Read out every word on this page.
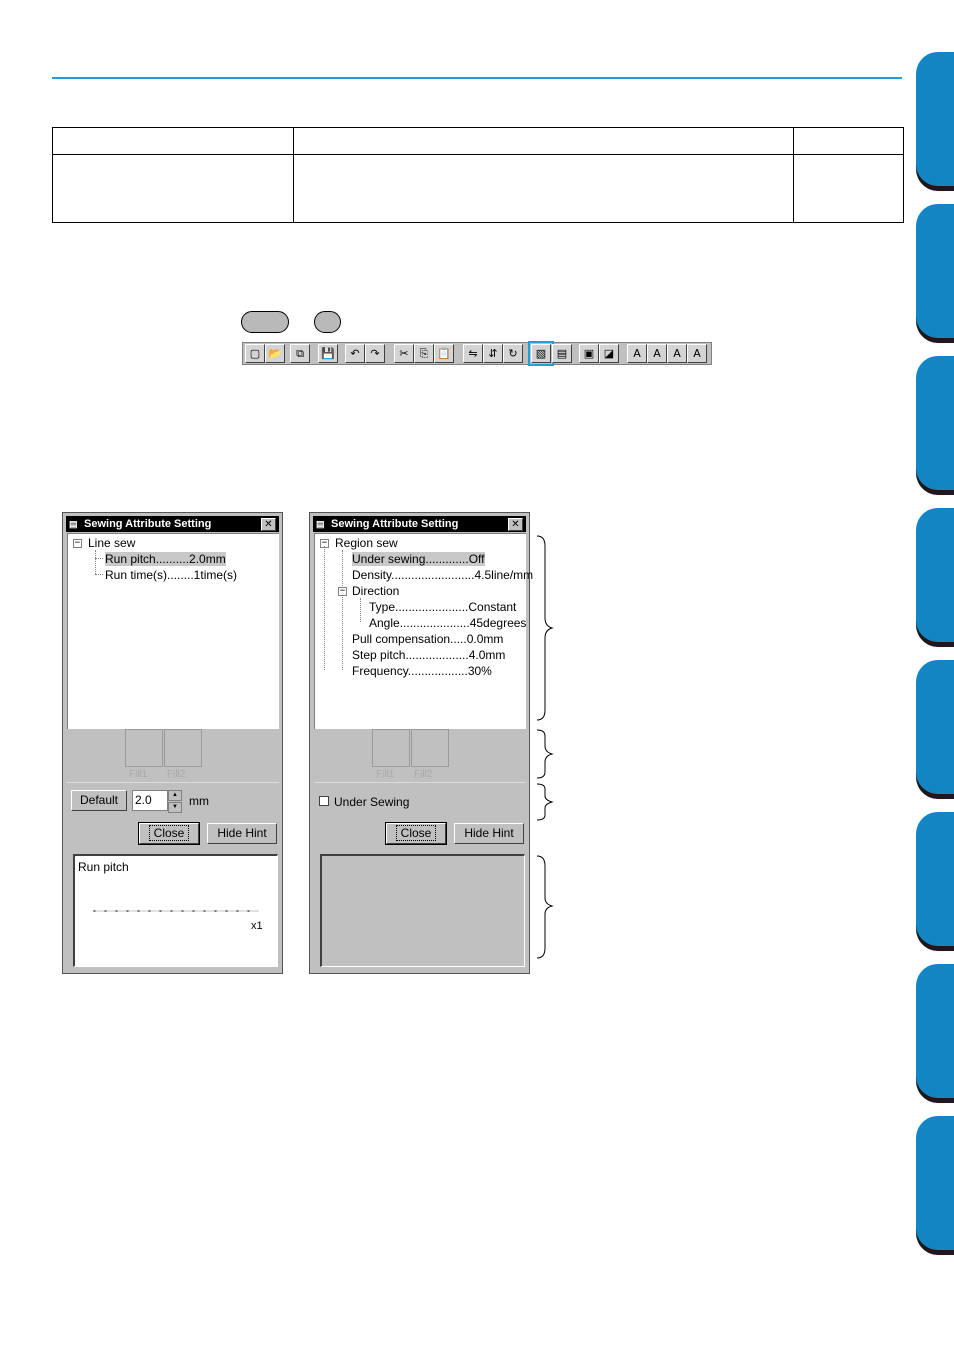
▢ 📂	⧉	💾	↶ ↷	✂ ⎘ 📋	⇋ ⇵ ↻	▧ ▤	▣ ◪	A	A	A	A
▤ Sewing Attribute Setting	✕
− Line sew
Run pitch..........2.0mm
Run time(s)........1time(s)
Fill1 Fill2
Default	2.0	▲
▼ mm
Close	Hide Hint
Run pitch
x1
▤ Sewing Attribute Setting	✕
− Region sew
Under sewing.............Off
Density.........................4.5line/mm
− Direction
Type......................Constant
Angle.....................45degrees
Pull compensation.....0.0mm
Step pitch...................4.0mm
Frequency..................30%
Fill1 Fill2
Under Sewing
Close	Hide Hint
